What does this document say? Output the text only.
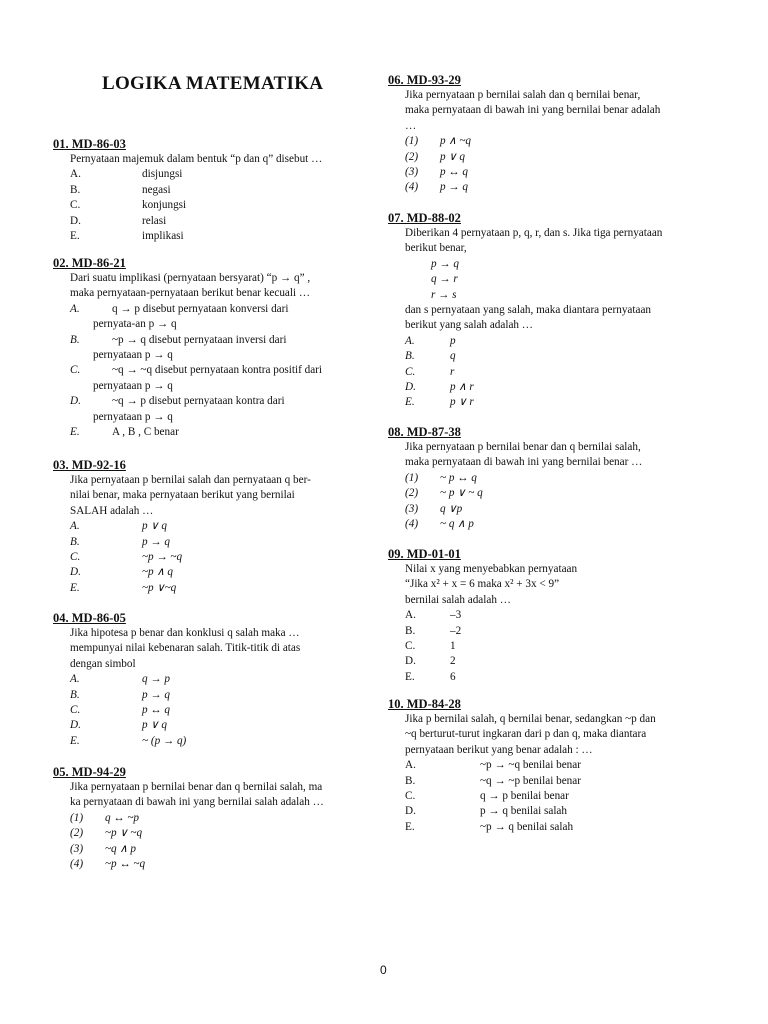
LOGIKA MATEMATIKA
01. MD-86-03
Pernyataan majemuk dalam bentuk “p dan q” disebut …
A.	disjungsi
B.	negasi
C.	konjungsi
D.	relasi
E.	implikasi
02. MD-86-21
Dari suatu implikasi (pernyataan bersyarat) “p → q” ,
maka pernyataan-pernyataan berikut benar kecuali …
A.	q → p disebut pernyataan konversi dari
pernyata-an p → q
B.	~p → q disebut pernyataan inversi dari
pernyataan p → q
C.	~q → ~q disebut pernyataan kontra positif dari
pernyataan p → q
D.	~q → p disebut pernyataan kontra dari
pernyataan p → q
E.	A , B , C benar
03. MD-92-16
Jika pernyataan p bernilai salah dan pernyataan q ber-
nilai benar, maka pernyataan berikut yang bernilai
SALAH adalah …
A.	p ∨ q
B.	p → q
C.	~p → ~q
D.	~p ∧ q
E.	~p ∨~q
04. MD-86-05
Jika hipotesa p benar dan konklusi q salah maka …
mempunyai nilai kebenaran salah. Titik-titik di atas
dengan simbol
A.	q → p
B.	p → q
C.	p ↔ q
D.	p ∨ q
E.	~ (p → q)
05. MD-94-29
Jika pernyataan p bernilai benar dan q bernilai salah, ma
ka pernyataan di bawah ini yang bernilai salah adalah …
(1)	q ↔ ~p
(2)	~p ∨ ~q
(3)	~q ∧ p
(4)	~p ↔ ~q
06. MD-93-29
Jika pernyataan p bernilai salah dan q bernilai benar,
maka pernyataan di bawah ini yang bernilai benar adalah
…
(1)	p ∧ ~q
(2)	p ∨ q
(3)	p ↔ q
(4)	p → q
07. MD-88-02
Diberikan 4 pernyataan p, q, r, dan s. Jika tiga pernyataan
berikut benar,
p → q
q → r
r → s
dan s pernyataan yang salah, maka diantara pernyataan
berikut yang salah adalah …
A.	p
B.	q
C.	r
D.	p ∧ r
E.	p ∨ r
08. MD-87-38
Jika pernyataan p bernilai benar dan q bernilai salah,
maka pernyataan di bawah ini yang bernilai benar …
(1)	~ p ↔ q
(2)	~ p ∨ ~ q
(3)	q ∨p
(4)	~ q ∧ p
09. MD-01-01
Nilai x yang menyebabkan pernyataan
“Jika x² + x = 6 maka x² + 3x < 9”
bernilai salah adalah …
A.	–3
B.	–2
C.	1
D.	2
E.	6
10. MD-84-28
Jika p bernilai salah, q bernilai benar, sedangkan ~p dan
~q berturut-turut ingkaran dari p dan q, maka diantara
pernyataan berikut yang benar adalah : …
A.	~p → ~q benilai benar
B.	~q → ~p benilai benar
C.	q → p benilai benar
D.	p → q benilai salah
E.	~p → q benilai salah
0
